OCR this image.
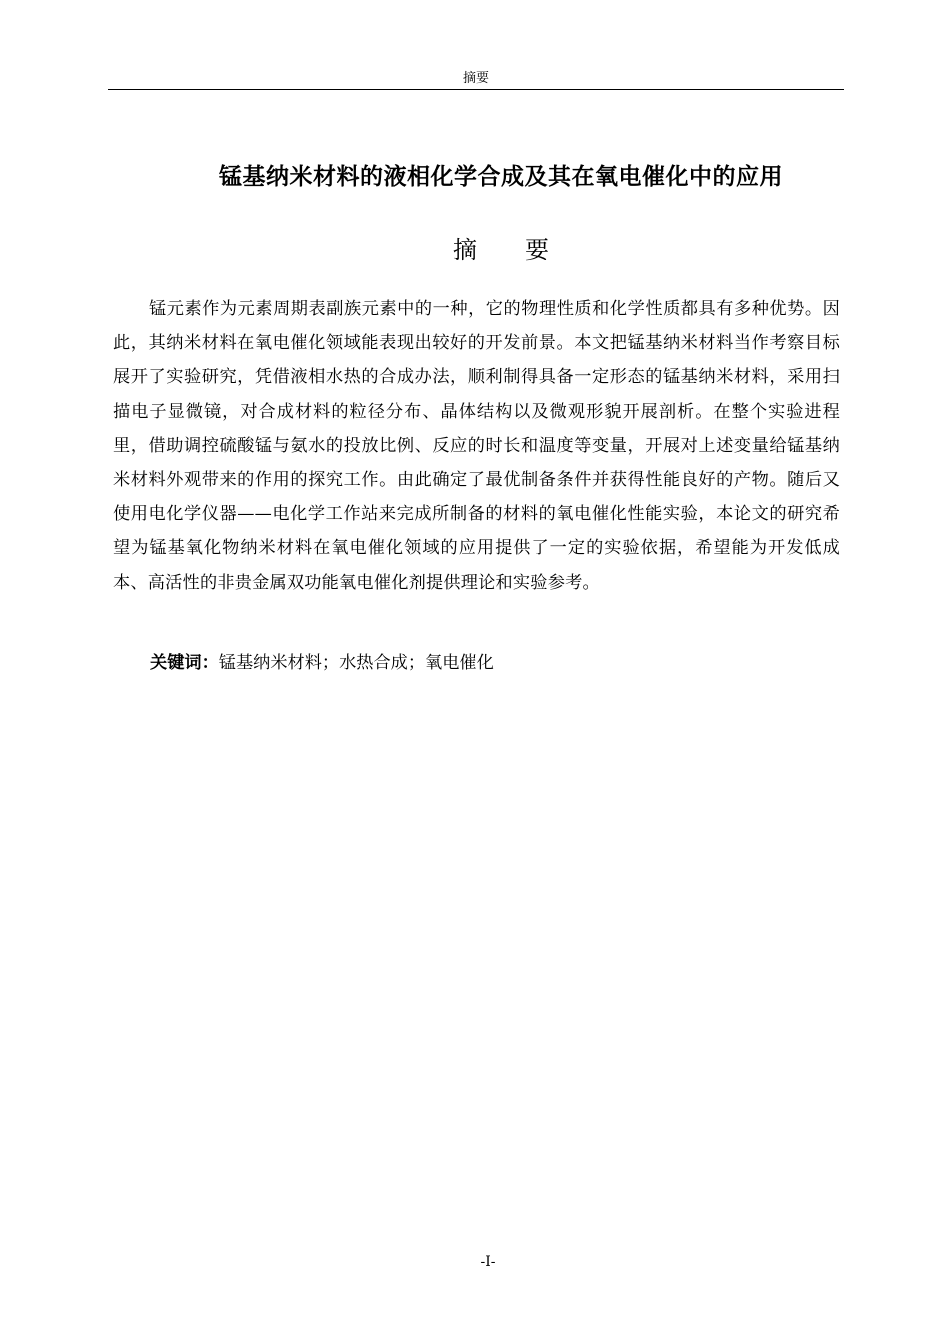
摘要
锰基纳米材料的液相化学合成及其在氧电催化中的应用
摘要

锰元素作为元素周期表副族元素中的一种，它的物理性质和化学性质都具有多种优势。因此，其纳米材料在氧电催化领域能表现出较好的开发前景。本文把锰基纳米材料当作考察目标展开了实验研究，凭借液相水热的合成办法，顺利制得具备一定形态的锰基纳米材料，采用扫描电子显微镜，对合成材料的粒径分布、晶体结构以及微观形貌开展剖析。在整个实验进程里，借助调控硫酸锰与氨水的投放比例、反应的时长和温度等变量，开展对上述变量给锰基纳米材料外观带来的作用的探究工作。由此确定了最优制备条件并获得性能良好的产物。随后又使用电化学仪器——电化学工作站来完成所制备的材料的氧电催化性能实验，本论文的研究希望为锰基氧化物纳米材料在氧电催化领域的应用提供了一定的实验依据，希望能为开发低成本、高活性的非贵金属双功能氧电催化剂提供理论和实验参考。

关键词：锰基纳米材料；水热合成；氧电催化
-I-
